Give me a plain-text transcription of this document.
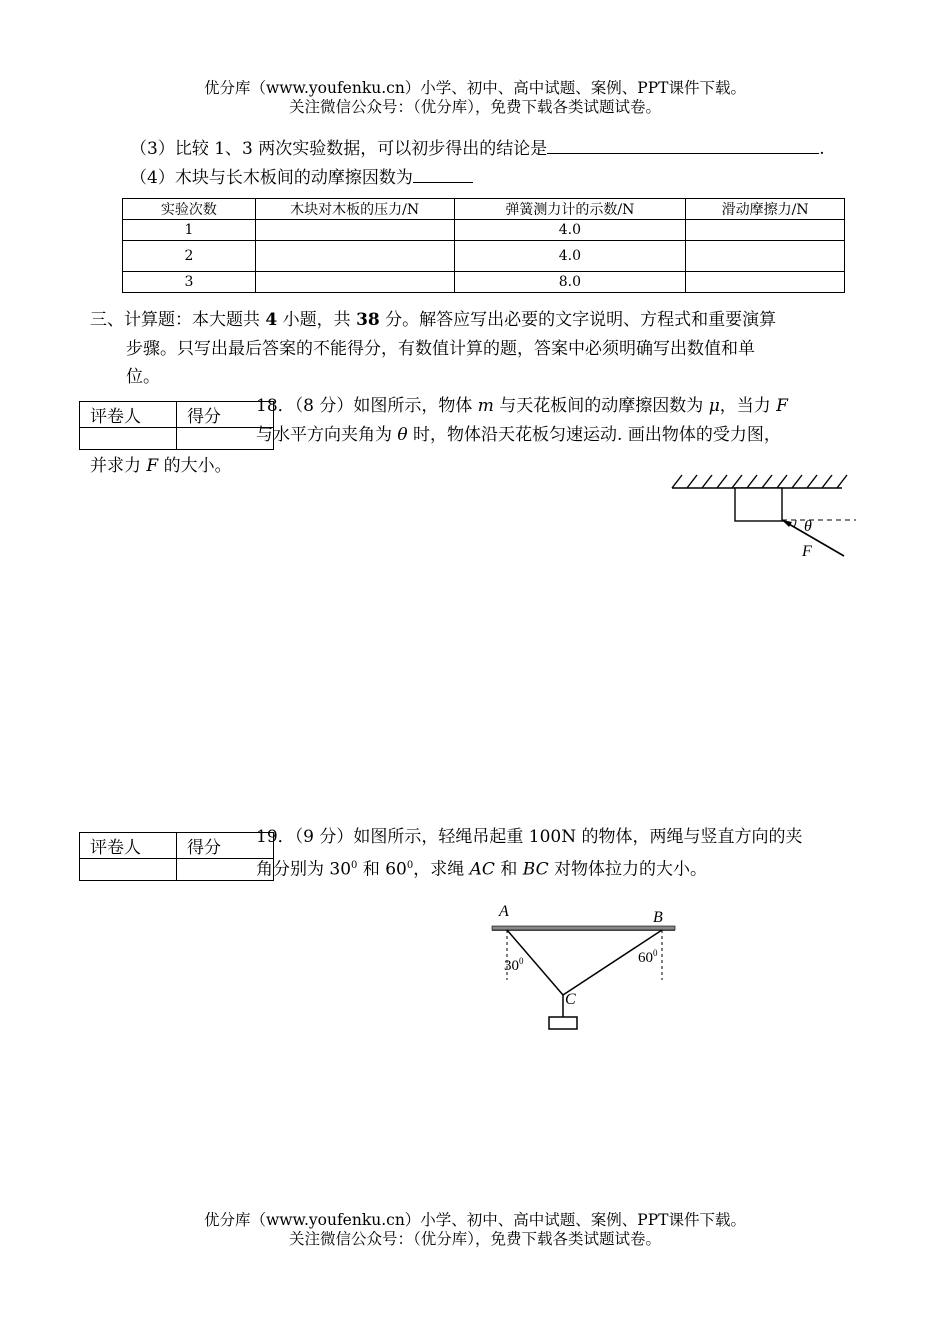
优分库（www.youfenku.cn）小学、初中、高中试题、案例、PPT课件下载。
关注微信公众号：（优分库），免费下载各类试题试卷。
（3）比较 1、3 两次实验数据，可以初步得出的结论是	.
（4）木块与长木板间的动摩擦因数为
实验次数	木块对木板的压力/N	弹簧测力计的示数/N	滑动摩擦力/N
1		4.0	
2		4.0	
3		8.0	
三、计算题：本大题共 4 小题，共 38 分。解答应写出必要的文字说明、方程式和重要演算
步骤。只写出最后答案的不能得分，有数值计算的题，答案中必须明确写出数值和单
位。
评卷人	得分

18．（8 分）如图所示，物体 m 与天花板间的动摩擦因数为 μ，当力 F
与水平方向夹角为 θ 时，物体沿天花板匀速运动. 画出物体的受力图，
并求力 F 的大小。
θ
F
评卷人	得分

19．（9 分）如图所示，轻绳吊起重 100N 的物体，两绳与竖直方向的夹
角分别为 $30^0$ 和 $60^0$，求绳 AC 和 BC 对物体拉力的大小。
A	B
C
$30^0$	$60^0$
优分库（www.youfenku.cn）小学、初中、高中试题、案例、PPT课件下载。
关注微信公众号：（优分库），免费下载各类试题试卷。
